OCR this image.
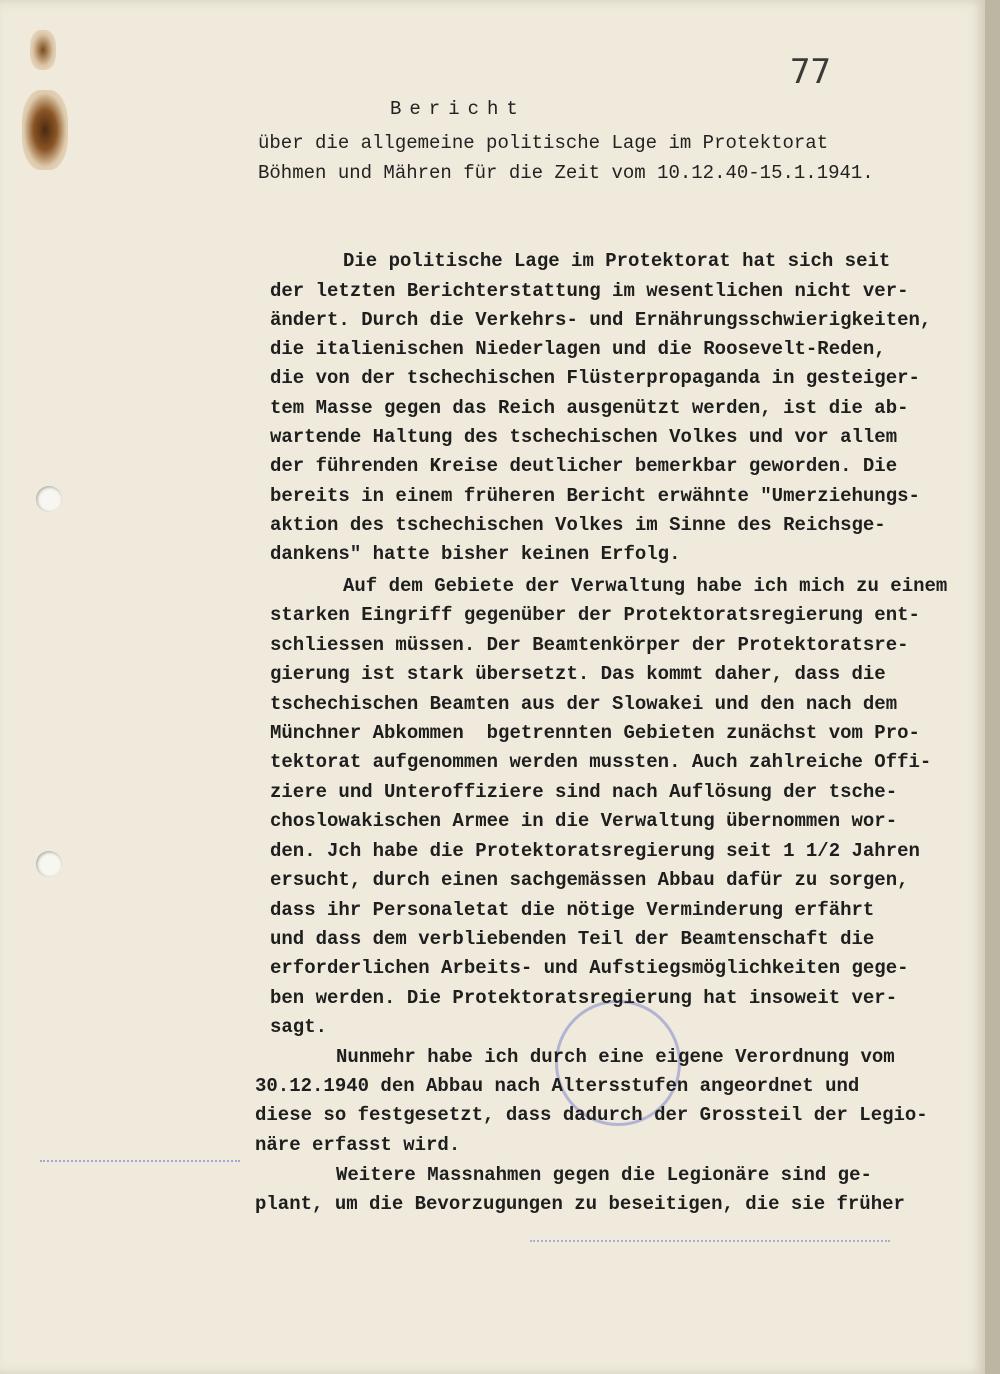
77
Bericht
über die allgemeine politische Lage im Protektorat
Böhmen und Mähren für die Zeit vom 10.12.40-15.1.1941.
Die politische Lage im Protektorat hat sich seit
der letzten Berichterstattung im wesentlichen nicht ver-
ändert. Durch die Verkehrs- und Ernährungsschwierigkeiten,
die italienischen Niederlagen und die Roosevelt-Reden,
die von der tschechischen Flüsterpropaganda in gesteiger-
tem Masse gegen das Reich ausgenützt werden, ist die ab-
wartende Haltung des tschechischen Volkes und vor allem
der führenden Kreise deutlicher bemerkbar geworden. Die
bereits in einem früheren Bericht erwähnte "Umerziehungs-
aktion des tschechischen Volkes im Sinne des Reichsge-
dankens" hatte bisher keinen Erfolg.
Auf dem Gebiete der Verwaltung habe ich mich zu einem
starken Eingriff gegenüber der Protektoratsregierung ent-
schliessen müssen. Der Beamtenkörper der Protektoratsre-
gierung ist stark übersetzt. Das kommt daher, dass die
tschechischen Beamten aus der Slowakei und den nach dem
Münchner Abkommen  bgetrennten Gebieten zunächst vom Pro-
tektorat aufgenommen werden mussten. Auch zahlreiche Offi-
ziere und Unteroffiziere sind nach Auflösung der tsche-
choslowakischen Armee in die Verwaltung übernommen wor-
den. Jch habe die Protektoratsregierung seit 1 1/2 Jahren
ersucht, durch einen sachgemässen Abbau dafür zu sorgen,
dass ihr Personaletat die nötige Verminderung erfährt
und dass dem verbliebenden Teil der Beamtenschaft die
erforderlichen Arbeits- und Aufstiegsmöglichkeiten gege-
ben werden. Die Protektoratsregierung hat insoweit ver-
sagt.
Nunmehr habe ich durch eine eigene Verordnung vom
30.12.1940 den Abbau nach Altersstufen angeordnet und
diese so festgesetzt, dass dadurch der Grossteil der Legio-
näre erfasst wird.
Weitere Massnahmen gegen die Legionäre sind ge-
plant, um die Bevorzugungen zu beseitigen, die sie früher
